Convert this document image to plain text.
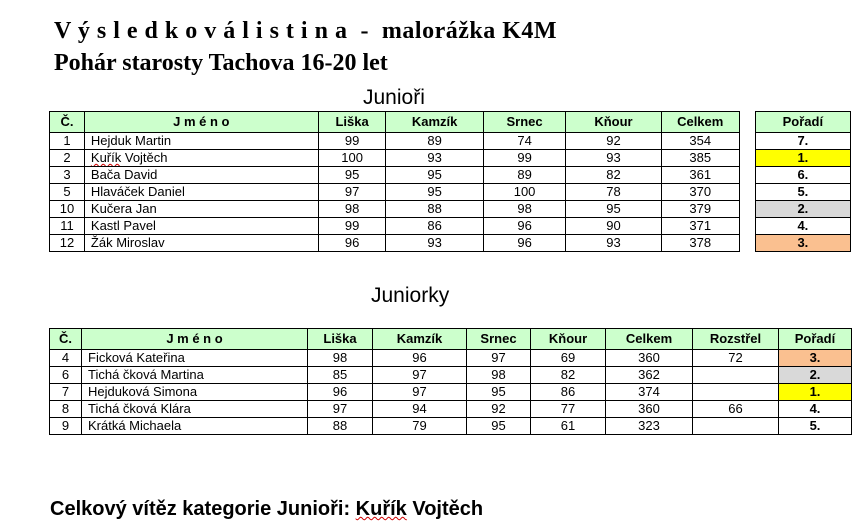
V ý s l e d k o v á l i s t i n a  -  malorážka K4M
Pohár starosty Tachova 16-20 let
Junioři
Č.	J m é n o	Liška	Kamzík	Srnec	Kňour	Celkem		Pořadí
1	Hejduk Martin	99	89	74	92	354		7.
2	Kuřík Vojtěch	100	93	99	93	385		1.
3	Bača David	95	95	89	82	361		6.
5	Hlaváček Daniel	97	95	100	78	370		5.
10	Kučera Jan	98	88	98	95	379		2.
11	Kastl Pavel	99	86	96	90	371		4.
12	Žák Miroslav	96	93	96	93	378		3.
Juniorky
Č.	J m é n o	Liška	Kamzík	Srnec	Kňour	Celkem	Rozstřel	Pořadí
4	Ficková Kateřina	98	96	97	69	360	72	3.
6	Tichá čková Martina	85	97	98	82	362		2.
7	Hejduková Simona	96	97	95	86	374		1.
8	Tichá čková Klára	97	94	92	77	360	66	4.
9	Krátká Michaela	88	79	95	61	323		5.
Celkový vítěz kategorie Junioři: Kuřík Vojtěch
